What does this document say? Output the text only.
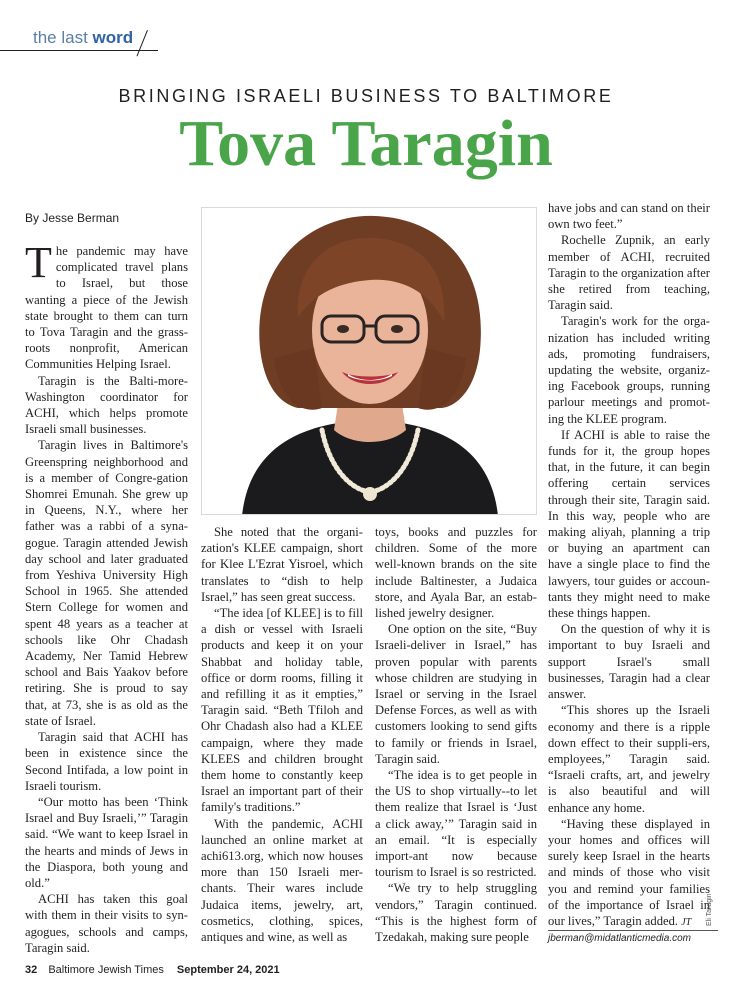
the last word
BRINGING ISRAELI BUSINESS TO BALTIMORE
Tova Taragin
By Jesse Berman

The pandemic may have complicated travel plans to Israel, but those wanting a piece of the Jewish state brought to them can turn to Tova Taragin and the grass-roots nonprofit, American Communities Helping Israel.

Taragin is the Balti-more-Washington coordinator for ACHI, which helps promote Israeli small businesses.

Taragin lives in Baltimore's Greenspring neighborhood and is a member of Congre-gation Shomrei Emunah. She grew up in Queens, N.Y., where her father was a rabbi of a syna-gogue. Taragin attended Jewish day school and later graduated from Yeshiva University High School in 1965. She attended Stern College for women and spent 48 years as a teacher at schools like Ohr Chadash Academy, Ner Tamid Hebrew school and Bais Yaakov before retiring. She is proud to say that, at 73, she is as old as the state of Israel.

Taragin said that ACHI has been in existence since the Second Intifada, a low point in Israeli tourism.

“Our motto has been ‘Think Israel and Buy Israeli,’” Taragin said. “We want to keep Israel in the hearts and minds of Jews in the Diaspora, both young and old.”

ACHI has taken this goal with them in their visits to syn-agogues, schools and camps, Taragin said.

She noted that the organi-zation's KLEE campaign, short for Klee L'Ezrat Yisroel, which translates to “dish to help Israel,” has seen great success.

“The idea [of KLEE] is to fill a dish or vessel with Israeli products and keep it on your Shabbat and holiday table, office or dorm rooms, filling it and refilling it as it empties,” Taragin said. “Beth Tfiloh and Ohr Chadash also had a KLEE campaign, where they made KLEES and children brought them home to constantly keep Israel an important part of their family's traditions.”

With the pandemic, ACHI launched an online market at achi613.org, which now houses more than 150 Israeli mer-chants. Their wares include Judaica items, jewelry, art, cosmetics, clothing, spices, antiques and wine, as well as

toys, books and puzzles for children. Some of the more well-known brands on the site include Baltinester, a Judaica store, and Ayala Bar, an estab-lished jewelry designer.

One option on the site, “Buy Israeli-deliver in Israel,” has proven popular with parents whose children are studying in Israel or serving in the Israel Defense Forces, as well as with customers looking to send gifts to family or friends in Israel, Taragin said.

“The idea is to get people in the US to shop virtually--to let them realize that Israel is ‘Just a click away,’” Taragin said in an email. “It is especially import-ant now because tourism to Israel is so restricted.

“We try to help struggling vendors,” Taragin continued. “This is the highest form of Tzedakah, making sure people

have jobs and can stand on their own two feet.”

Rochelle Zupnik, an early member of ACHI, recruited Taragin to the organization after she retired from teaching, Taragin said.

Taragin's work for the orga-nization has included writing ads, promoting fundraisers, updating the website, organiz-ing Facebook groups, running parlour meetings and promot-ing the KLEE program.

If ACHI is able to raise the funds for it, the group hopes that, in the future, it can begin offering certain services through their site, Taragin said. In this way, people who are making aliyah, planning a trip or buying an apartment can have a single place to find the lawyers, tour guides or accoun-tants they might need to make these things happen.

On the question of why it is important to buy Israeli and support Israel's small businesses, Taragin had a clear answer.

“This shores up the Israeli economy and there is a ripple down effect to their suppli-ers, employees,” Taragin said. “Israeli crafts, art, and jewelry is also beautiful and will enhance any home.

“Having these displayed in your homes and offices will surely keep Israel in the hearts and minds of those who visit you and remind your families of the importance of Israel in our lives,” Taragin added. JT	Eli Taragin
jberman@midatlanticmedia.com
32 Baltimore Jewish Times September 24, 2021
